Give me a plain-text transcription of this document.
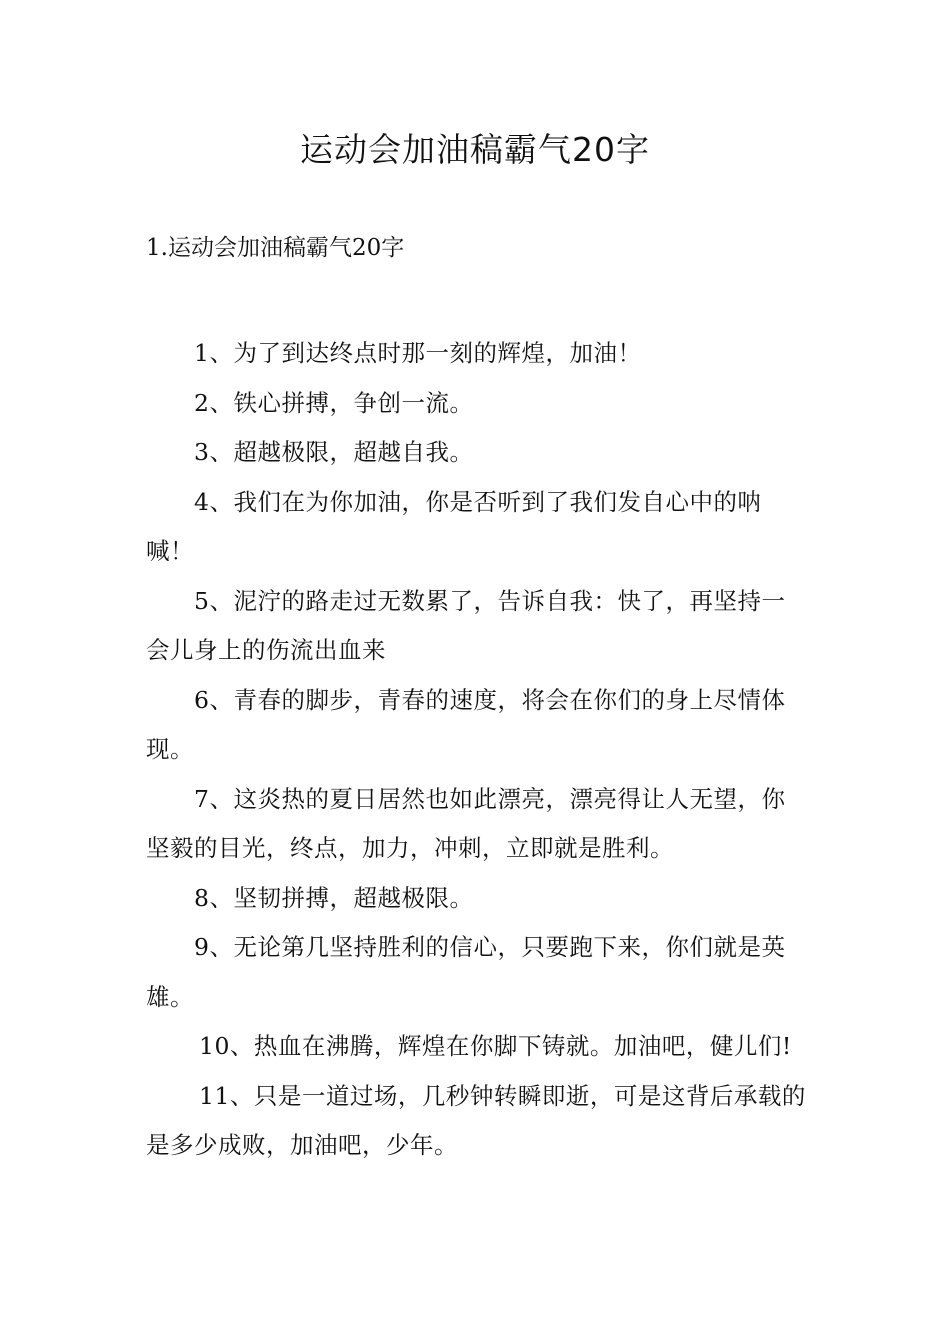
运动会加油稿霸气20字
1.运动会加油稿霸气20字
1、为了到达终点时那一刻的辉煌，加油！
2、铁心拼搏，争创一流。
3、超越极限，超越自我。
4、我们在为你加油，你是否听到了我们发自心中的呐喊！
5、泥泞的路走过无数累了，告诉自我：快了，再坚持一会儿身上的伤流出血来
6、青春的脚步，青春的速度，将会在你们的身上尽情体现。
7、这炎热的夏日居然也如此漂亮，漂亮得让人无望，你坚毅的目光，终点，加力，冲刺，立即就是胜利。
8、坚韧拼搏，超越极限。
9、无论第几坚持胜利的信心，只要跑下来，你们就是英雄。
10、热血在沸腾，辉煌在你脚下铸就。加油吧，健儿们!
11、只是一道过场，几秒钟转瞬即逝，可是这背后承载的是多少成败，加油吧，少年。
